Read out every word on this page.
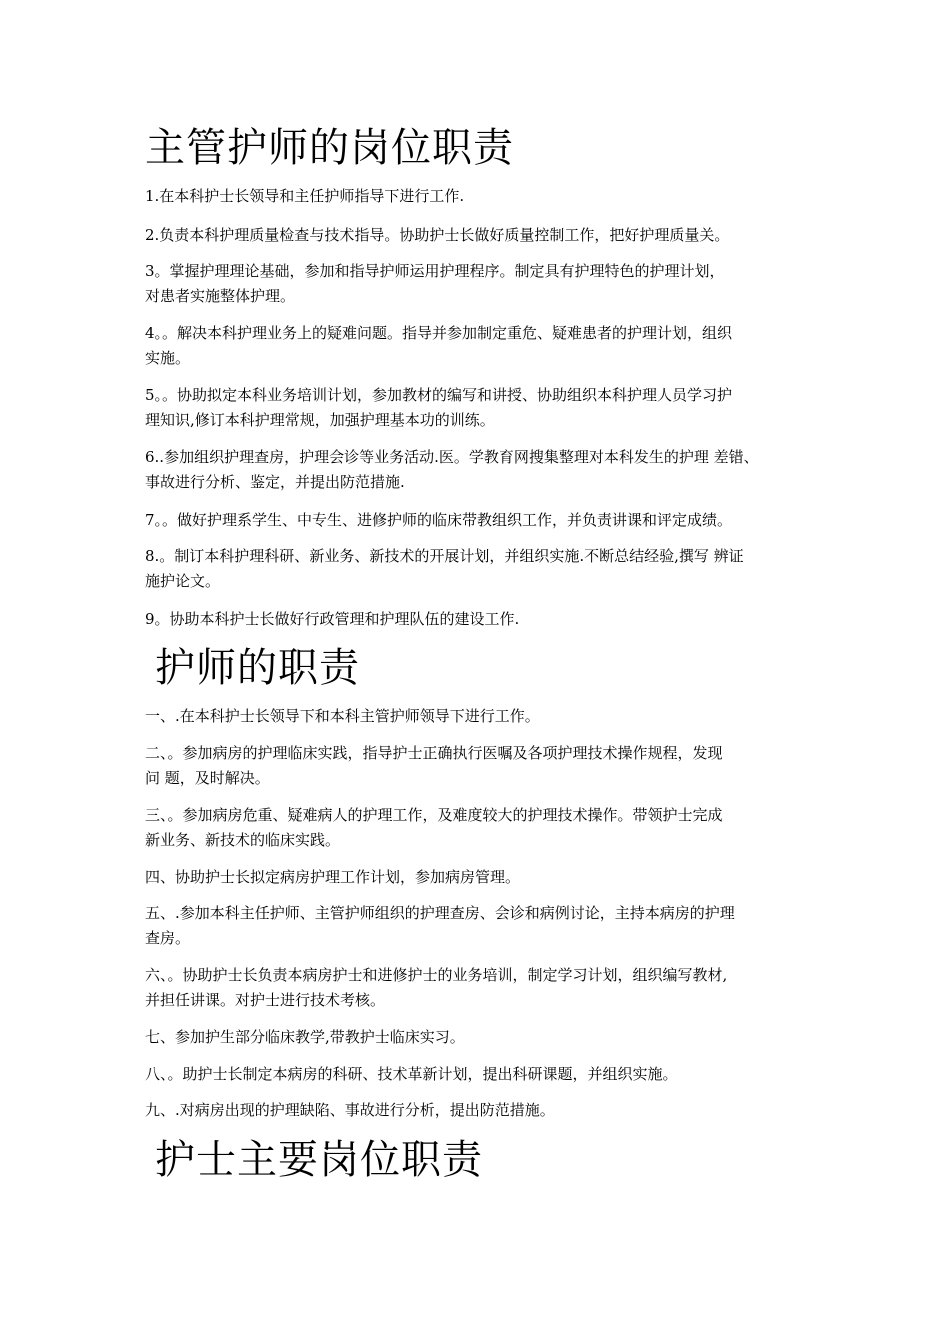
主管护师的岗位职责

1.在本科护士长领导和主任护师指导下进行工作.

2.负责本科护理质量检查与技术指导。协助护士长做好质量控制工作，把好护理质量关。

3。掌握护理理论基础，参加和指导护师运用护理程序。制定具有护理特色的护理计划，
对患者实施整体护理。

4。。解决本科护理业务上的疑难问题。指导并参加制定重危、疑难患者的护理计划，组织
实施。

5。。协助拟定本科业务培训计划，参加教材的编写和讲授、协助组织本科护理人员学习护
理知识,修订本科护理常规，加强护理基本功的训练。

6..参加组织护理查房，护理会诊等业务活动.医。学教育网搜集整理对本科发生的护理 差错、
事故进行分析、鉴定，并提出防范措施.

7。。做好护理系学生、中专生、进修护师的临床带教组织工作，并负责讲课和评定成绩。

8.。制订本科护理科研、新业务、新技术的开展计划，并组织实施.不断总结经验,撰写 辨证
施护论文。

9。协助本科护士长做好行政管理和护理队伍的建设工作.

护师的职责

一、.在本科护士长领导下和本科主管护师领导下进行工作。

二、。参加病房的护理临床实践，指导护士正确执行医嘱及各项护理技术操作规程，发现
问 题，及时解决。

三、。参加病房危重、疑难病人的护理工作，及难度较大的护理技术操作。带领护士完成
新业务、新技术的临床实践。

四、协助护士长拟定病房护理工作计划，参加病房管理。

五、.参加本科主任护师、主管护师组织的护理查房、会诊和病例讨论，主持本病房的护理
查房。

六、。协助护士长负责本病房护士和进修护士的业务培训，制定学习计划，组织编写教材,
并担任讲课。对护士进行技术考核。

七、参加护生部分临床教学,带教护士临床实习。

八、。助护士长制定本病房的科研、技术革新计划，提出科研课题，并组织实施。

九、.对病房出现的护理缺陷、事故进行分析，提出防范措施。

护士主要岗位职责
